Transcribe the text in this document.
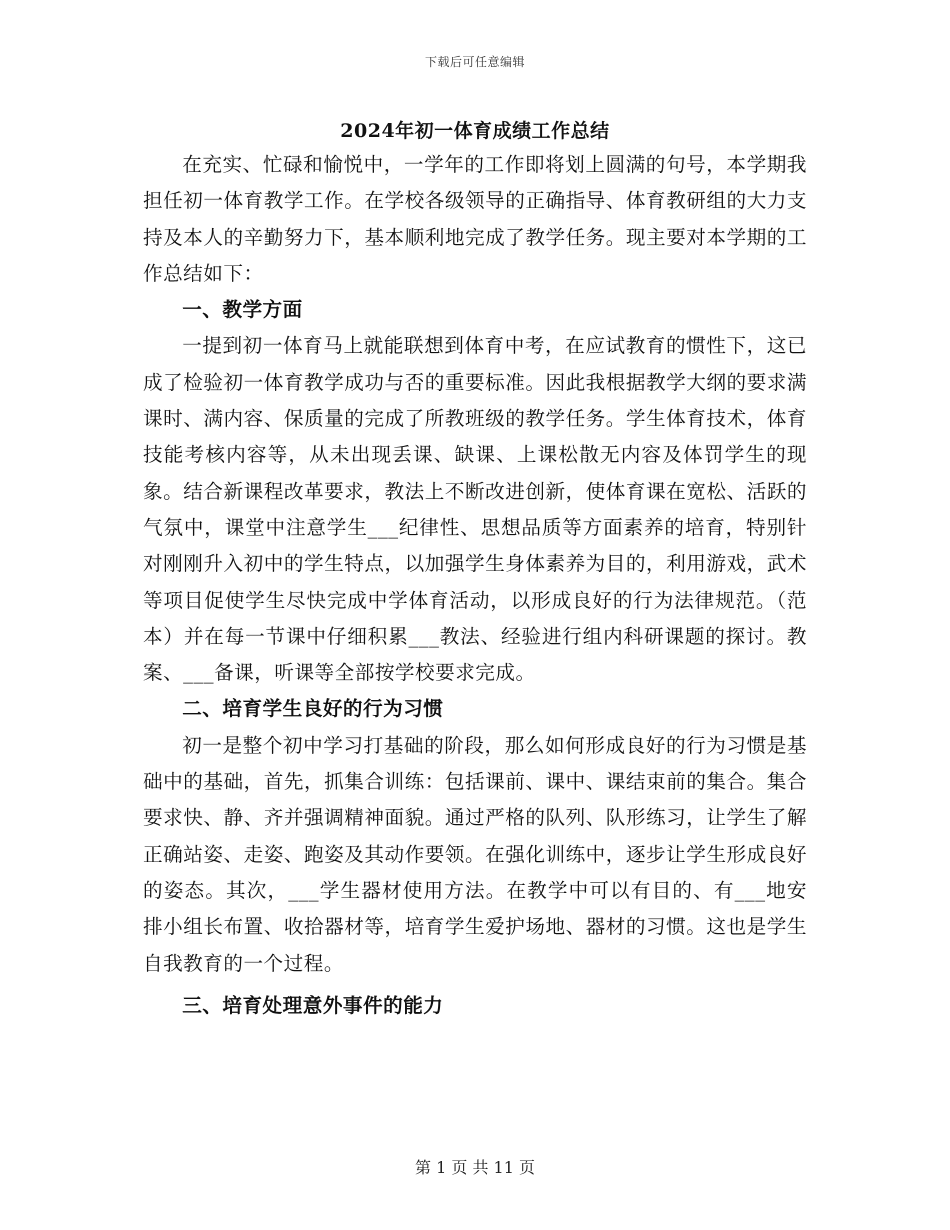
下载后可任意编辑
2024年初一体育成绩工作总结

在充实、忙碌和愉悦中，一学年的工作即将划上圆满的句号，本学期我担任初一体育教学工作。在学校各级领导的正确指导、体育教研组的大力支持及本人的辛勤努力下，基本顺利地完成了教学任务。现主要对本学期的工作总结如下：

一、教学方面

一提到初一体育马上就能联想到体育中考，在应试教育的惯性下，这已成了检验初一体育教学成功与否的重要标准。因此我根据教学大纲的要求满课时、满内容、保质量的完成了所教班级的教学任务。学生体育技术，体育技能考核内容等，从未出现丢课、缺课、上课松散无内容及体罚学生的现象。结合新课程改革要求，教法上不断改进创新，使体育课在宽松、活跃的气氛中，课堂中注意学生___纪律性、思想品质等方面素养的培育，特别针对刚刚升入初中的学生特点，以加强学生身体素养为目的，利用游戏，武术等项目促使学生尽快完成中学体育活动，以形成良好的行为法律规范。（范本）并在每一节课中仔细积累___教法、经验进行组内科研课题的探讨。教案、___备课，听课等全部按学校要求完成。

二、培育学生良好的行为习惯

初一是整个初中学习打基础的阶段，那么如何形成良好的行为习惯是基础中的基础，首先，抓集合训练：包括课前、课中、课结束前的集合。集合要求快、静、齐并强调精神面貌。通过严格的队列、队形练习，让学生了解正确站姿、走姿、跑姿及其动作要领。在强化训练中，逐步让学生形成良好的姿态。其次，___学生器材使用方法。在教学中可以有目的、有___地安排小组长布置、收拾器材等，培育学生爱护场地、器材的习惯。这也是学生自我教育的一个过程。

三、培育处理意外事件的能力

第 1 页 共 11 页
